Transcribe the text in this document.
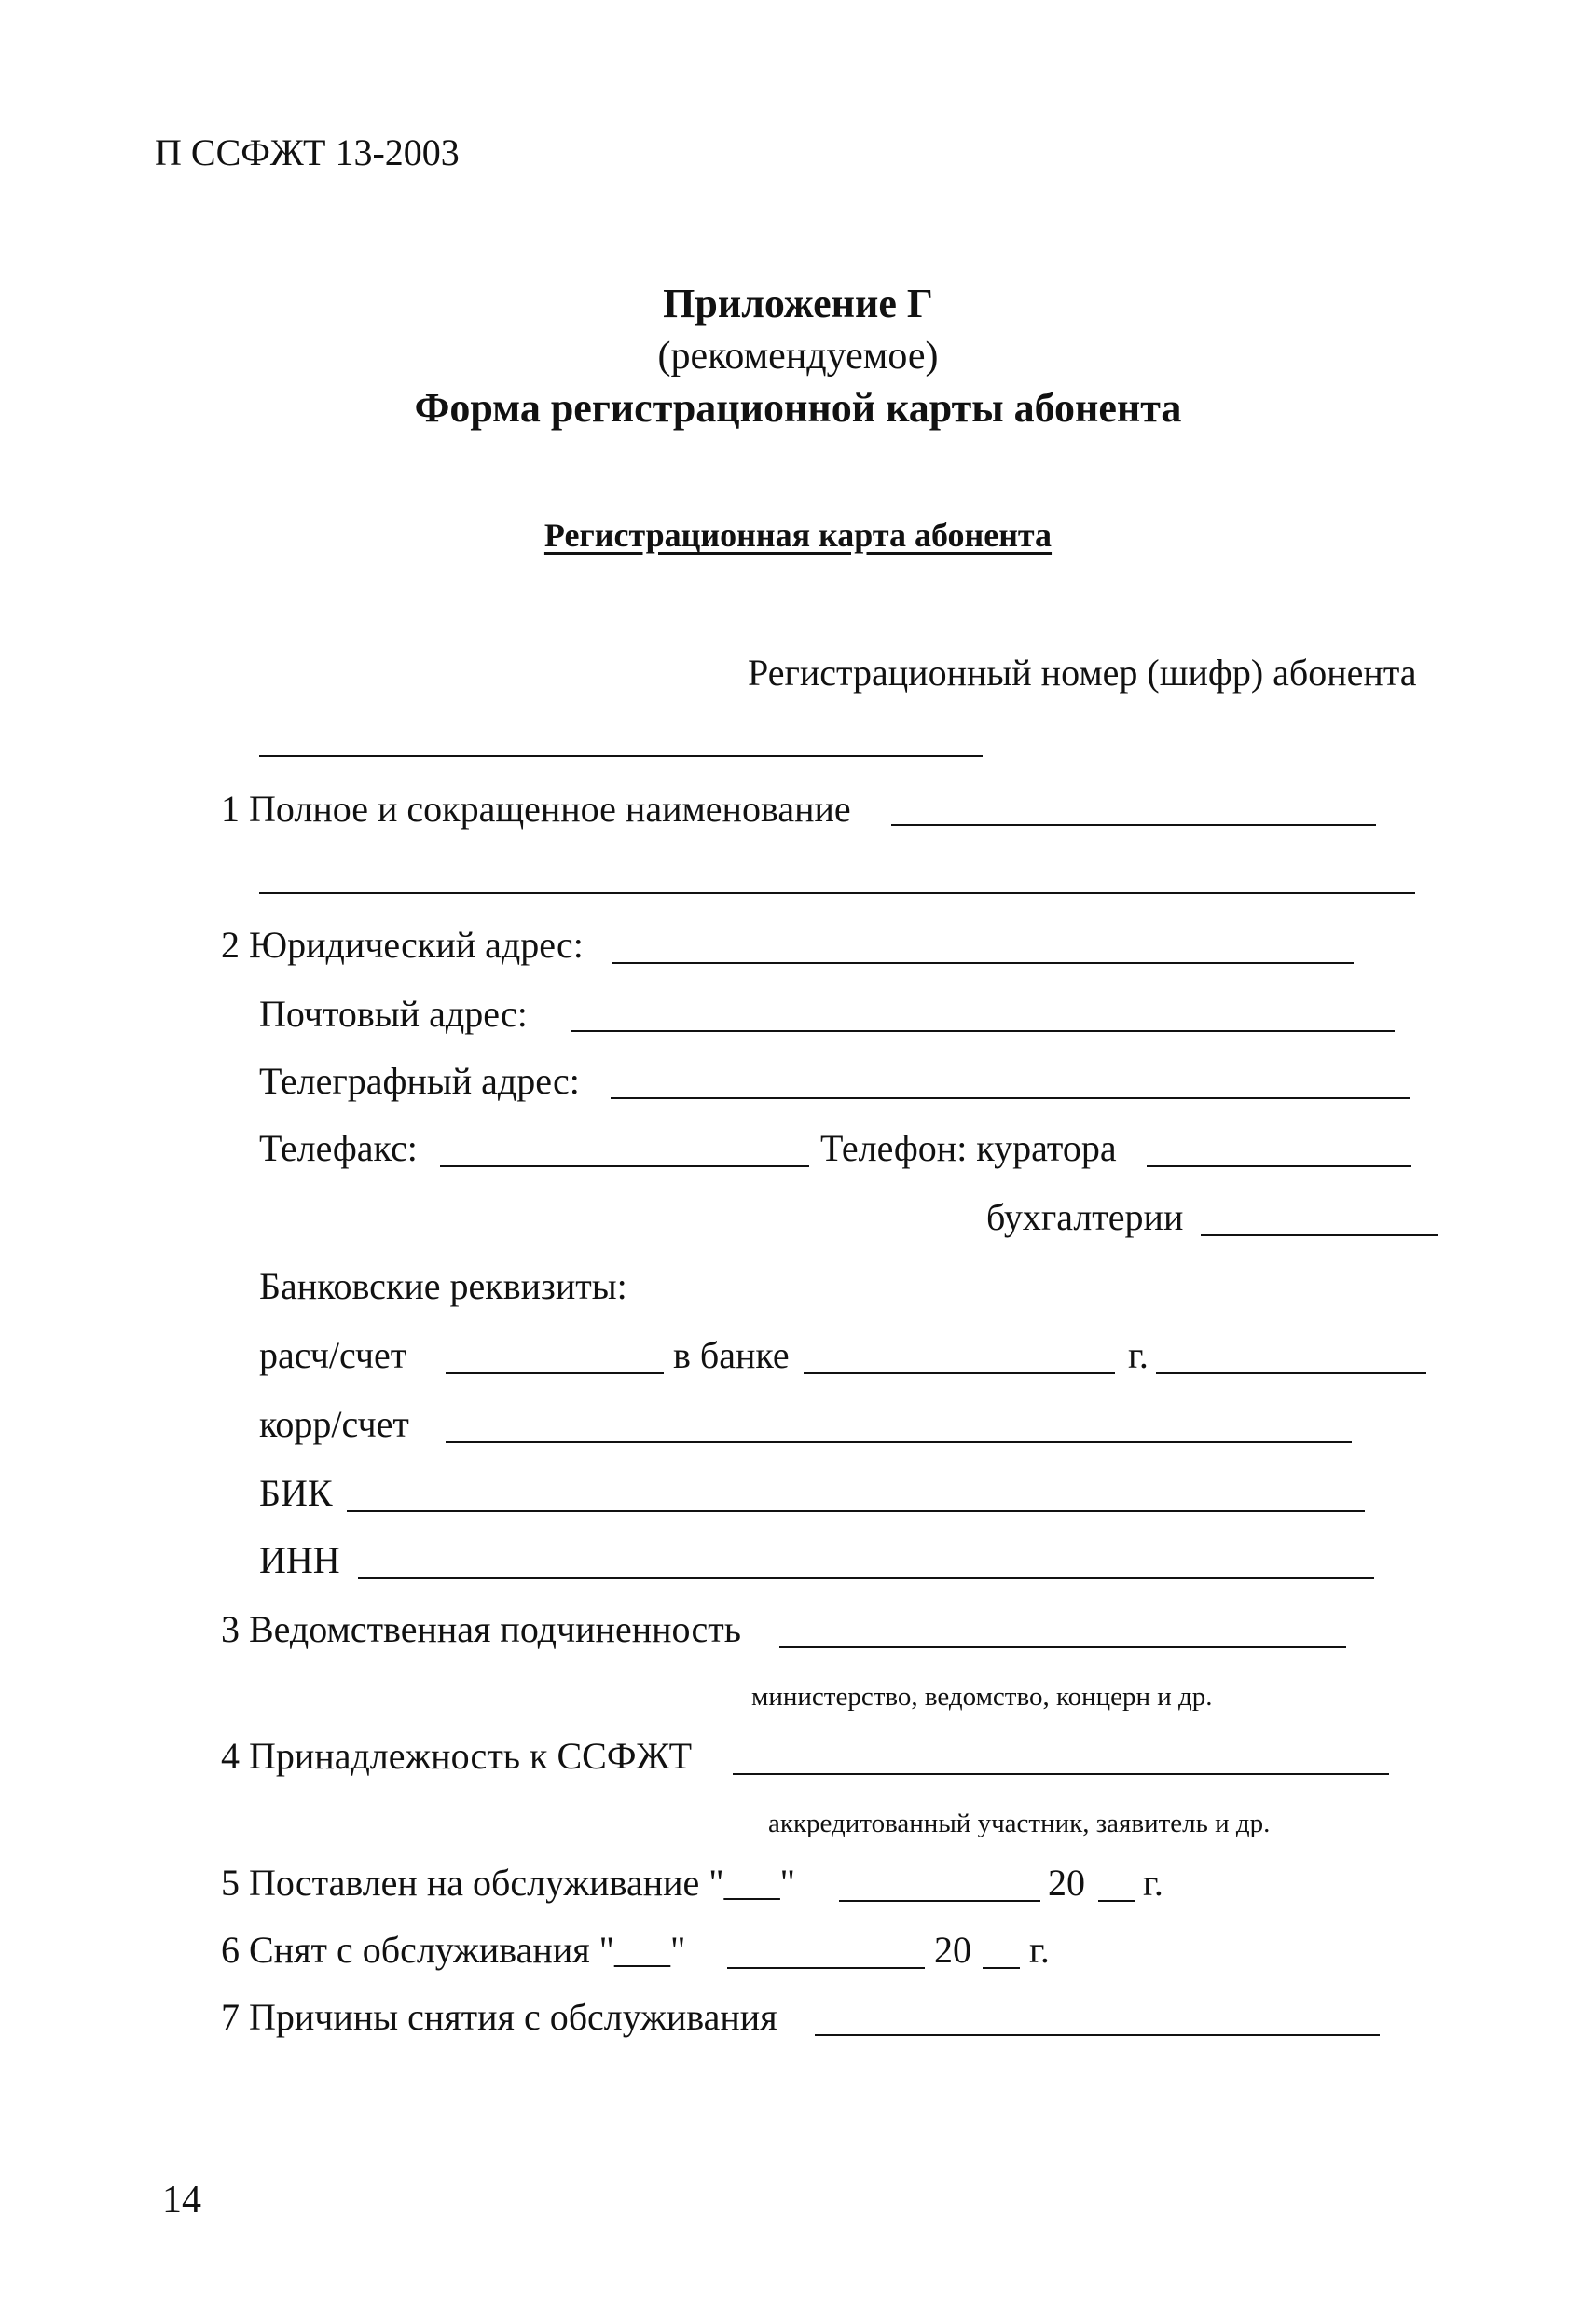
П ССФЖТ 13-2003
Приложение Г
(рекомендуемое)
Форма регистрационной карты абонента
Регистрационная карта абонента
Регистрационный номер (шифр) абонента
1 Полное и сокращенное наименование
2 Юридический адрес:
Почтовый адрес:
Телеграфный адрес:
Телефакс:	Телефон: куратора
бухгалтерии
Банковские реквизиты:
расч/счет	в банке	г.
корр/счет
БИК
ИНН
3 Ведомственная подчиненность
министерство, ведомство, концерн и др.
4 Принадлежность к ССФЖТ
аккредитованный участник, заявитель и др.
5 Поставлен на обслуживание "___"	20 г.
6 Снят с обслуживания "___"	20 г.
7 Причины снятия с обслуживания
14
